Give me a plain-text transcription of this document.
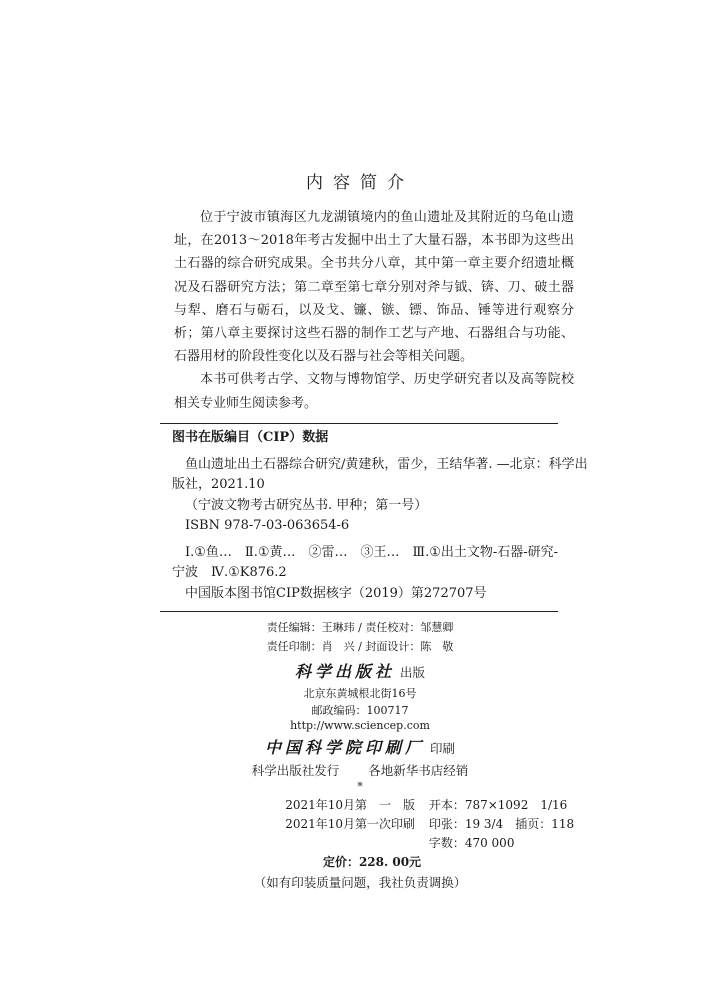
内容简介

位于宁波市镇海区九龙湖镇境内的鱼山遗址及其附近的乌龟山遗址，在2013～2018年考古发掘中出土了大量石器，本书即为这些出土石器的综合研究成果。全书共分八章，其中第一章主要介绍遗址概况及石器研究方法；第二章至第七章分别对斧与钺、锛、刀、破土器与犁、磨石与砺石，以及戈、镰、镞、镖、饰品、锤等进行观察分析；第八章主要探讨这些石器的制作工艺与产地、石器组合与功能、石器用材的阶段性变化以及石器与社会等相关问题。

本书可供考古学、文物与博物馆学、历史学研究者以及高等院校相关专业师生阅读参考。

图书在版编目（CIP）数据
鱼山遗址出土石器综合研究/黄建秋，雷少，王结华著. —北京：科学出
版社，2021.10
（宁波文物考古研究丛书. 甲种；第一号）
ISBN 978-7-03-063654-6
Ⅰ.①鱼…　Ⅱ.①黄…　②雷…　③王…　Ⅲ.①出土文物-石器-研究-
宁波　Ⅳ.①K876.2
中国版本图书馆CIP数据核字（2019）第272707号
责任编辑：王琳玮 / 责任校对：邹慧卿
责任印制：肖　兴 / 封面设计：陈　敬
科学出版社 出版
北京东黄城根北街16号
邮政编码：100717
http://www.sciencep.com
中国科学院印刷厂 印刷
科学出版社发行　　 各地新华书店经销
*
2021年10月第　一　版 开本：787×1092　1/16
2021年10月第一次印刷 印张：19 3/4　插页：118
字数：470 000
定价：228. 00元
（如有印装质量问题，我社负责调换）
